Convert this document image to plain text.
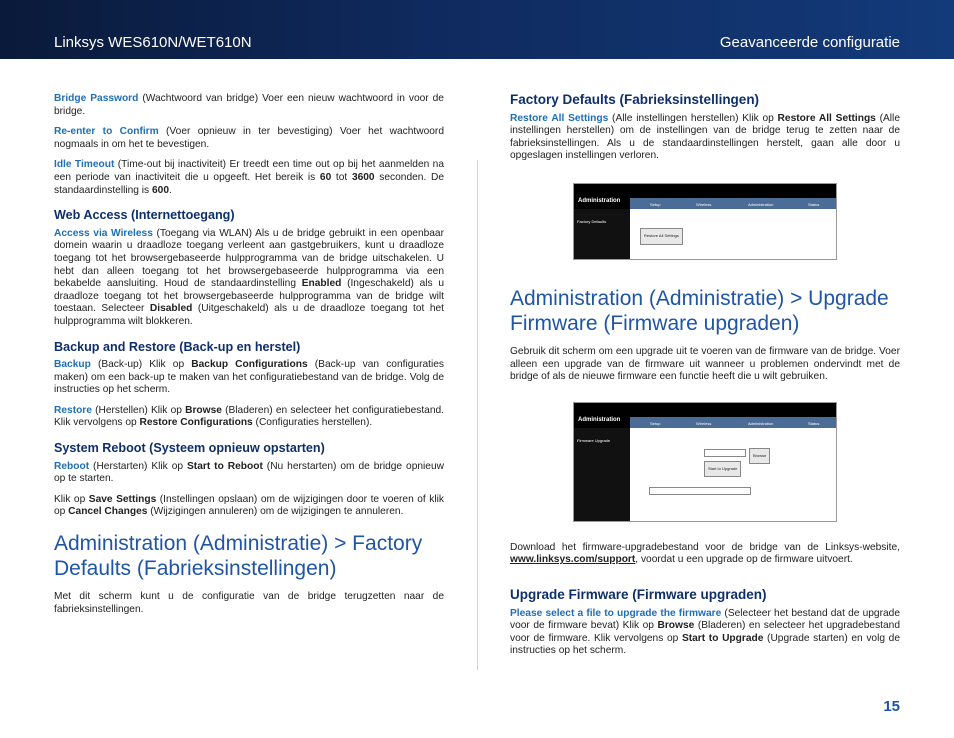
Linksys WES610N/WET610N	Geavanceerde configuratie

Bridge Password (Wachtwoord van bridge) Voer een nieuw wachtwoord in voor de bridge.

Re-enter to Confirm (Voer opnieuw in ter bevestiging) Voer het wachtwoord nogmaals in om het te bevestigen.

Idle Timeout (Time-out bij inactiviteit) Er treedt een time out op bij het aanmelden na een periode van inactiviteit die u opgeeft. Het bereik is 60 tot 3600 seconden. De standaardinstelling is 600.

Web Access (Internettoegang)

Access via Wireless (Toegang via WLAN) Als u de bridge gebruikt in een openbaar domein waarin u draadloze toegang verleent aan gastgebruikers, kunt u draadloze toegang tot het browsergebaseerde hulpprogramma van de bridge uitschakelen. U hebt dan alleen toegang tot het browsergebaseerde hulpprogramma via een bekabelde aansluiting. Houd de standaardinstelling Enabled (Ingeschakeld) als u draadloze toegang tot het browsergebaseerde hulpprogramma van de bridge wilt toestaan. Selecteer Disabled (Uitgeschakeld) als u de draadloze toegang tot het hulpprogramma wilt blokkeren.

Backup and Restore (Back-up en herstel)

Backup (Back-up) Klik op Backup Configurations (Back-up van configuraties maken) om een back-up te maken van het configuratiebestand van de bridge. Volg de instructies op het scherm.

Restore (Herstellen) Klik op Browse (Bladeren) en selecteer het configuratiebestand. Klik vervolgens op Restore Configurations (Configuraties herstellen).

System Reboot (Systeem opnieuw opstarten)

Reboot (Herstarten) Klik op Start to Reboot (Nu herstarten) om de bridge opnieuw op te starten.

Klik op Save Settings (Instellingen opslaan) om de wijzigingen door te voeren of klik op Cancel Changes (Wijzigingen annuleren) om de wijzigingen te annuleren.

Administration (Administratie) > Factory Defaults (Fabrieksinstellingen)

Met dit scherm kunt u de configuratie van de bridge terugzetten naar de fabrieksinstellingen.

Factory Defaults (Fabrieksinstellingen)

Restore All Settings (Alle instellingen herstellen) Klik op Restore All Settings (Alle instellingen herstellen) om de instellingen van de bridge terug te zetten naar de fabrieksinstellingen. Als u de standaardinstellingen herstelt, gaan alle door u opgeslagen instellingen verloren.

Administration
Setup	Wireless	Administration	Status
Factory Defaults
Restore All Settings
Administration (Administratie) > Upgrade Firmware (Firmware upgraden)

Gebruik dit scherm om een upgrade uit te voeren van de firmware van de bridge. Voer alleen een upgrade van de firmware uit wanneer u problemen ondervindt met de bridge of als de nieuwe firmware een functie heeft die u wilt gebruiken.

Administration
Setup	Wireless	Administration	Status
Firmware Upgrade
Browse
Start to Upgrade

Download het firmware-upgradebestand voor de bridge van de Linksys-website, www.linksys.com/support, voordat u een upgrade op de firmware uitvoert.

Upgrade Firmware (Firmware upgraden)

Please select a file to upgrade the firmware (Selecteer het bestand dat de upgrade voor de firmware bevat) Klik op Browse (Bladeren) en selecteer het upgradebestand voor de firmware. Klik vervolgens op Start to Upgrade (Upgrade starten) en volg de instructies op het scherm.

15
